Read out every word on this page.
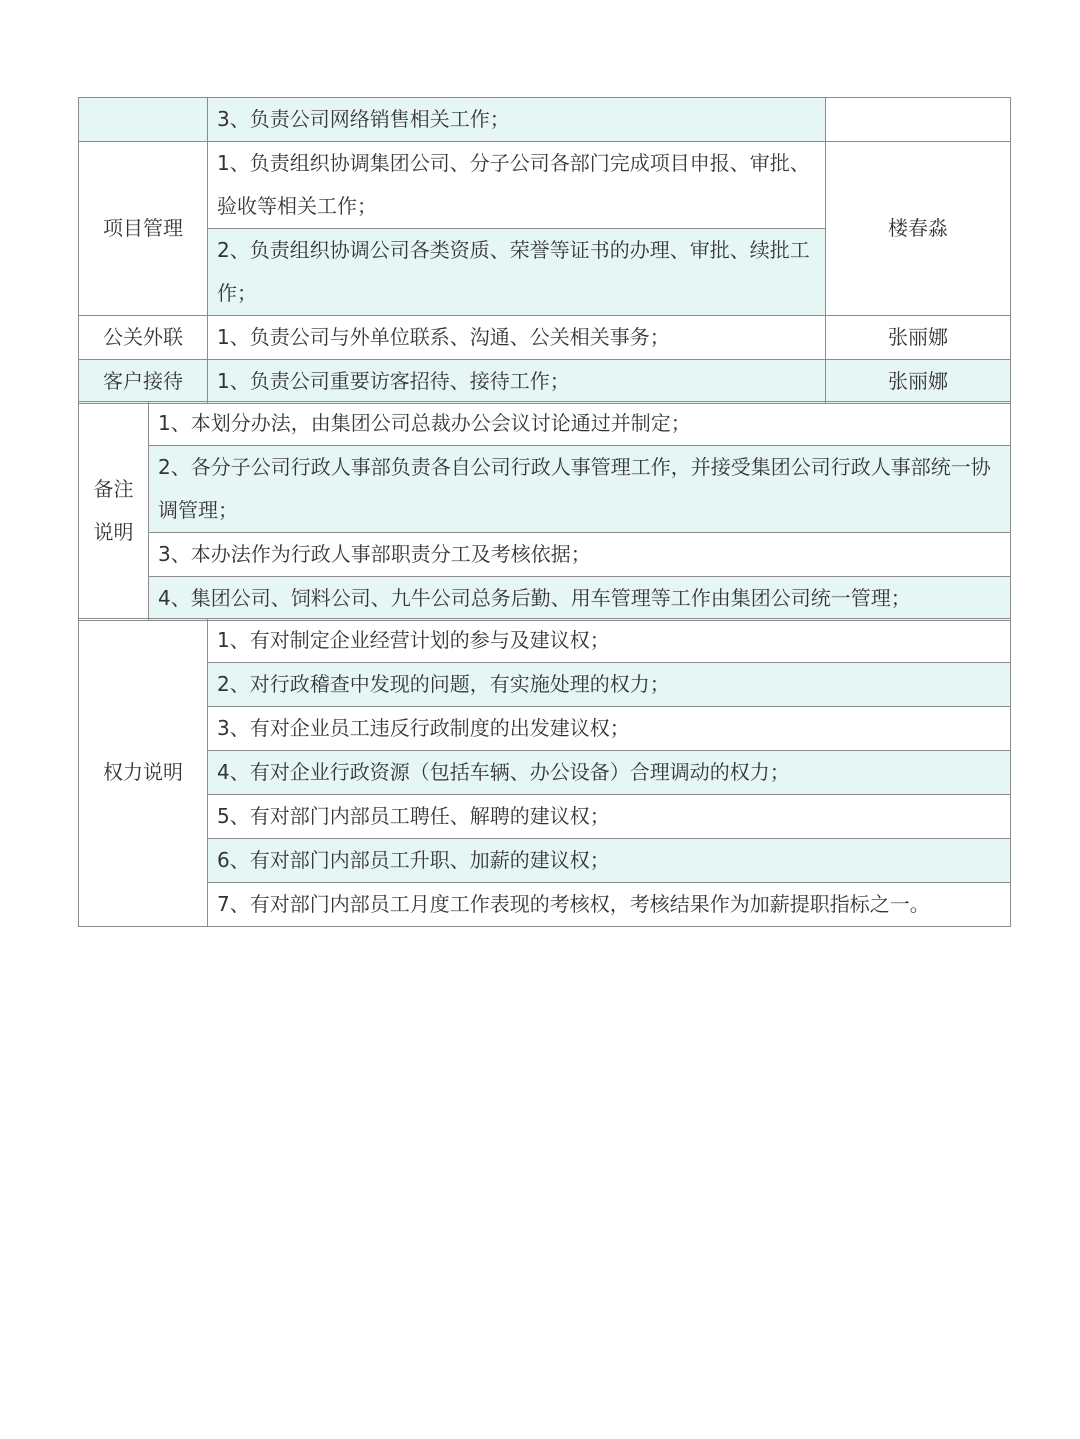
	3、负责公司网络销售相关工作；	
项目管理	1、负责组织协调集团公司、分子公司各部门完成项目申报、审批、验收等相关工作；	楼春淼
	2、负责组织协调公司各类资质、荣誉等证书的办理、审批、续批工作；	
公关外联	1、负责公司与外单位联系、沟通、公关相关事务；	张丽娜
客户接待	1、负责公司重要访客招待、接待工作；	张丽娜
备注
说明
	1、本划分办法，由集团公司总裁办公会议讨论通过并制定；
2、各分子公司行政人事部负责各自公司行政人事管理工作，并接受集团公司行政人事部统一协调管理；
3、本办法作为行政人事部职责分工及考核依据；
4、集团公司、饲料公司、九牛公司总务后勤、用车管理等工作由集团公司统一管理；
权力说明	1、有对制定企业经营计划的参与及建议权；
2、对行政稽查中发现的问题，有实施处理的权力；
3、有对企业员工违反行政制度的出发建议权；
4、有对企业行政资源（包括车辆、办公设备）合理调动的权力；
5、有对部门内部员工聘任、解聘的建议权；
6、有对部门内部员工升职、加薪的建议权；
7、有对部门内部员工月度工作表现的考核权，考核结果作为加薪提职指标之一。
